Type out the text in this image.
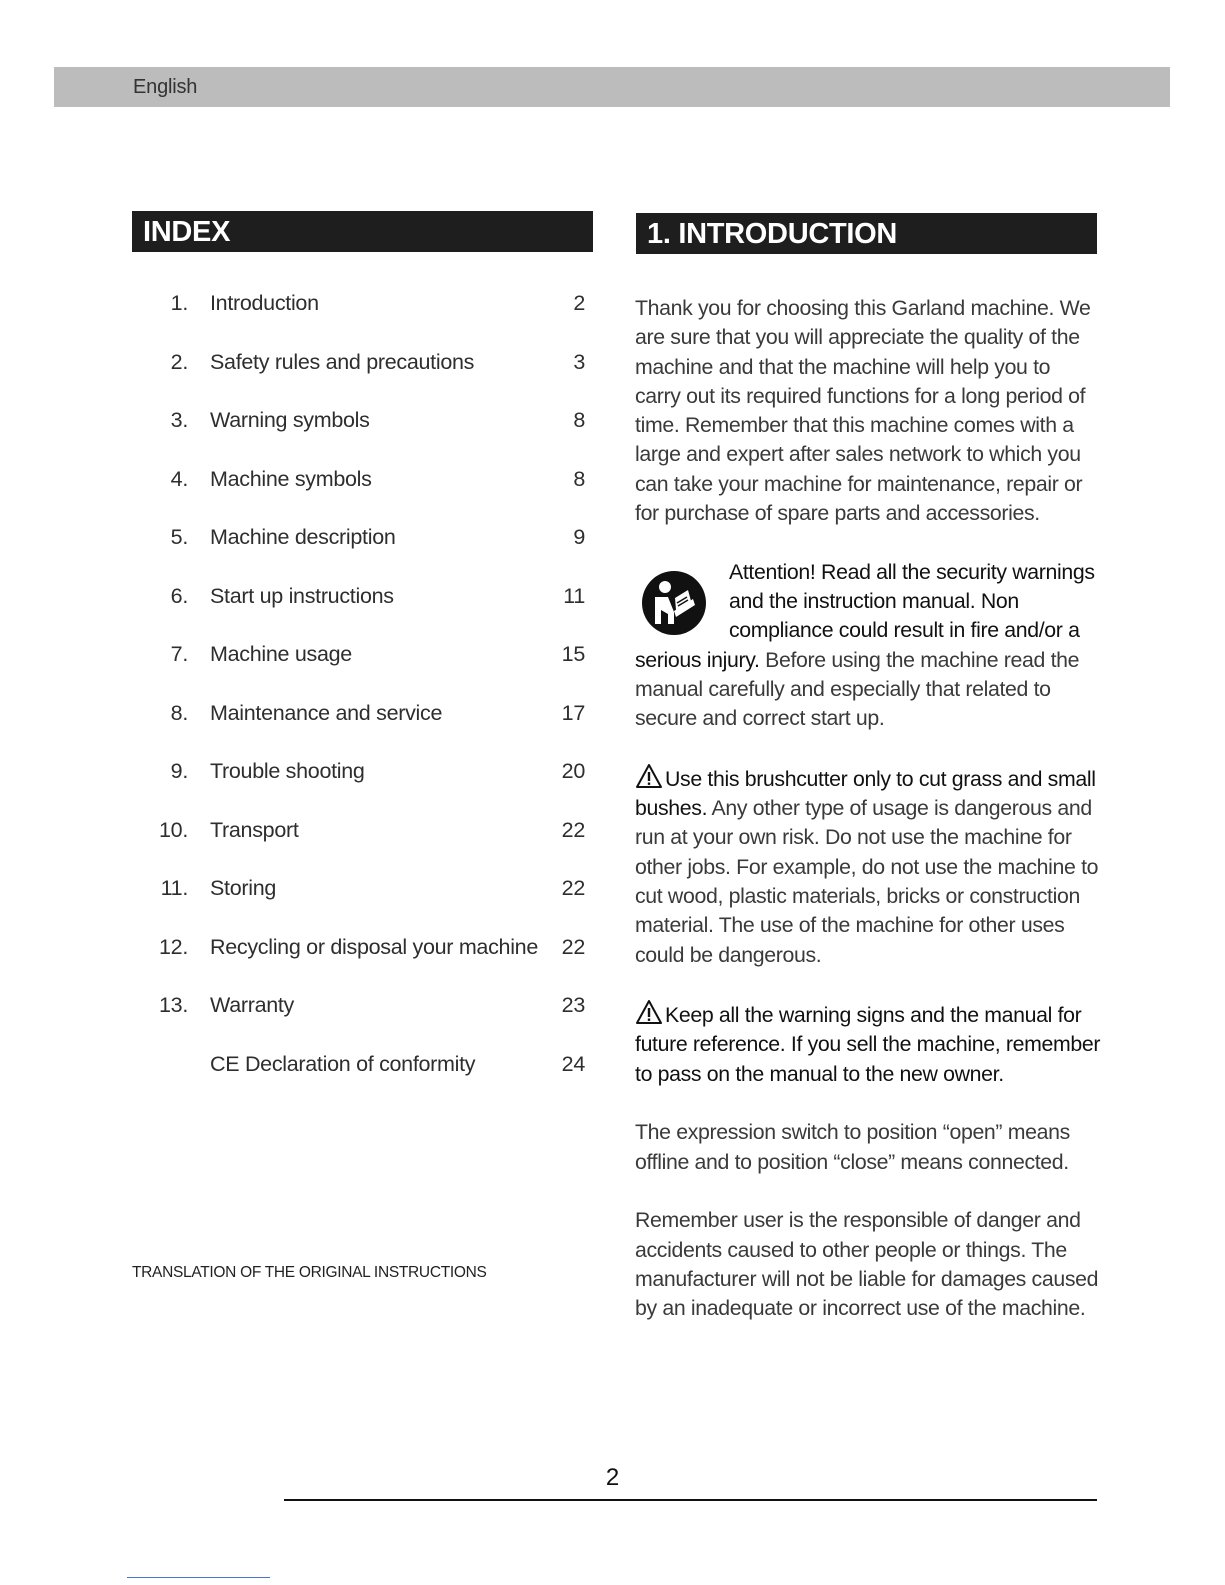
English
INDEX
1. Introduction	2
2. Safety rules and precautions	3
3. Warning symbols	8
4. Machine symbols	8
5. Machine description	9
6. Start up instructions	11
7. Machine usage	15
8. Maintenance and service	17
9. Trouble shooting	20
10. Transport	22
11. Storing	22
12. Recycling or disposal your machine 22
13. Warranty	23
CE Declaration of conformity	24
TRANSLATION OF THE ORIGINAL INSTRUCTIONS
1. INTRODUCTION

Thank you for choosing this Garland machine. We are sure that you will appreciate the quality of the machine and that the machine will help you to carry out its required functions for a long period of time. Remember that this machine comes with a large and expert after sales network to which you can take your machine for maintenance, repair or for purchase of spare parts and accessories.

Attention! Read all the security warnings and the instruction manual. Non compliance could result in fire and/or a serious injury. Before using the machine read the manual carefully and especially that related to secure and correct start up.

Use this brushcutter only to cut grass and small bushes. Any other type of usage is dangerous and run at your own risk. Do not use the machine for other jobs. For example, do not use the machine to cut wood, plastic materials, bricks or construction material. The use of the machine for other uses could be dangerous.

Keep all the warning signs and the manual for future reference. If you sell the machine, remember to pass on the manual to the new owner.

The expression switch to position “open” means offline and to position “close” means connected.

Remember user is the responsible of danger and accidents caused to other people or things. The manufacturer will not be liable for damages caused by an inadequate or incorrect use of the machine.

2
